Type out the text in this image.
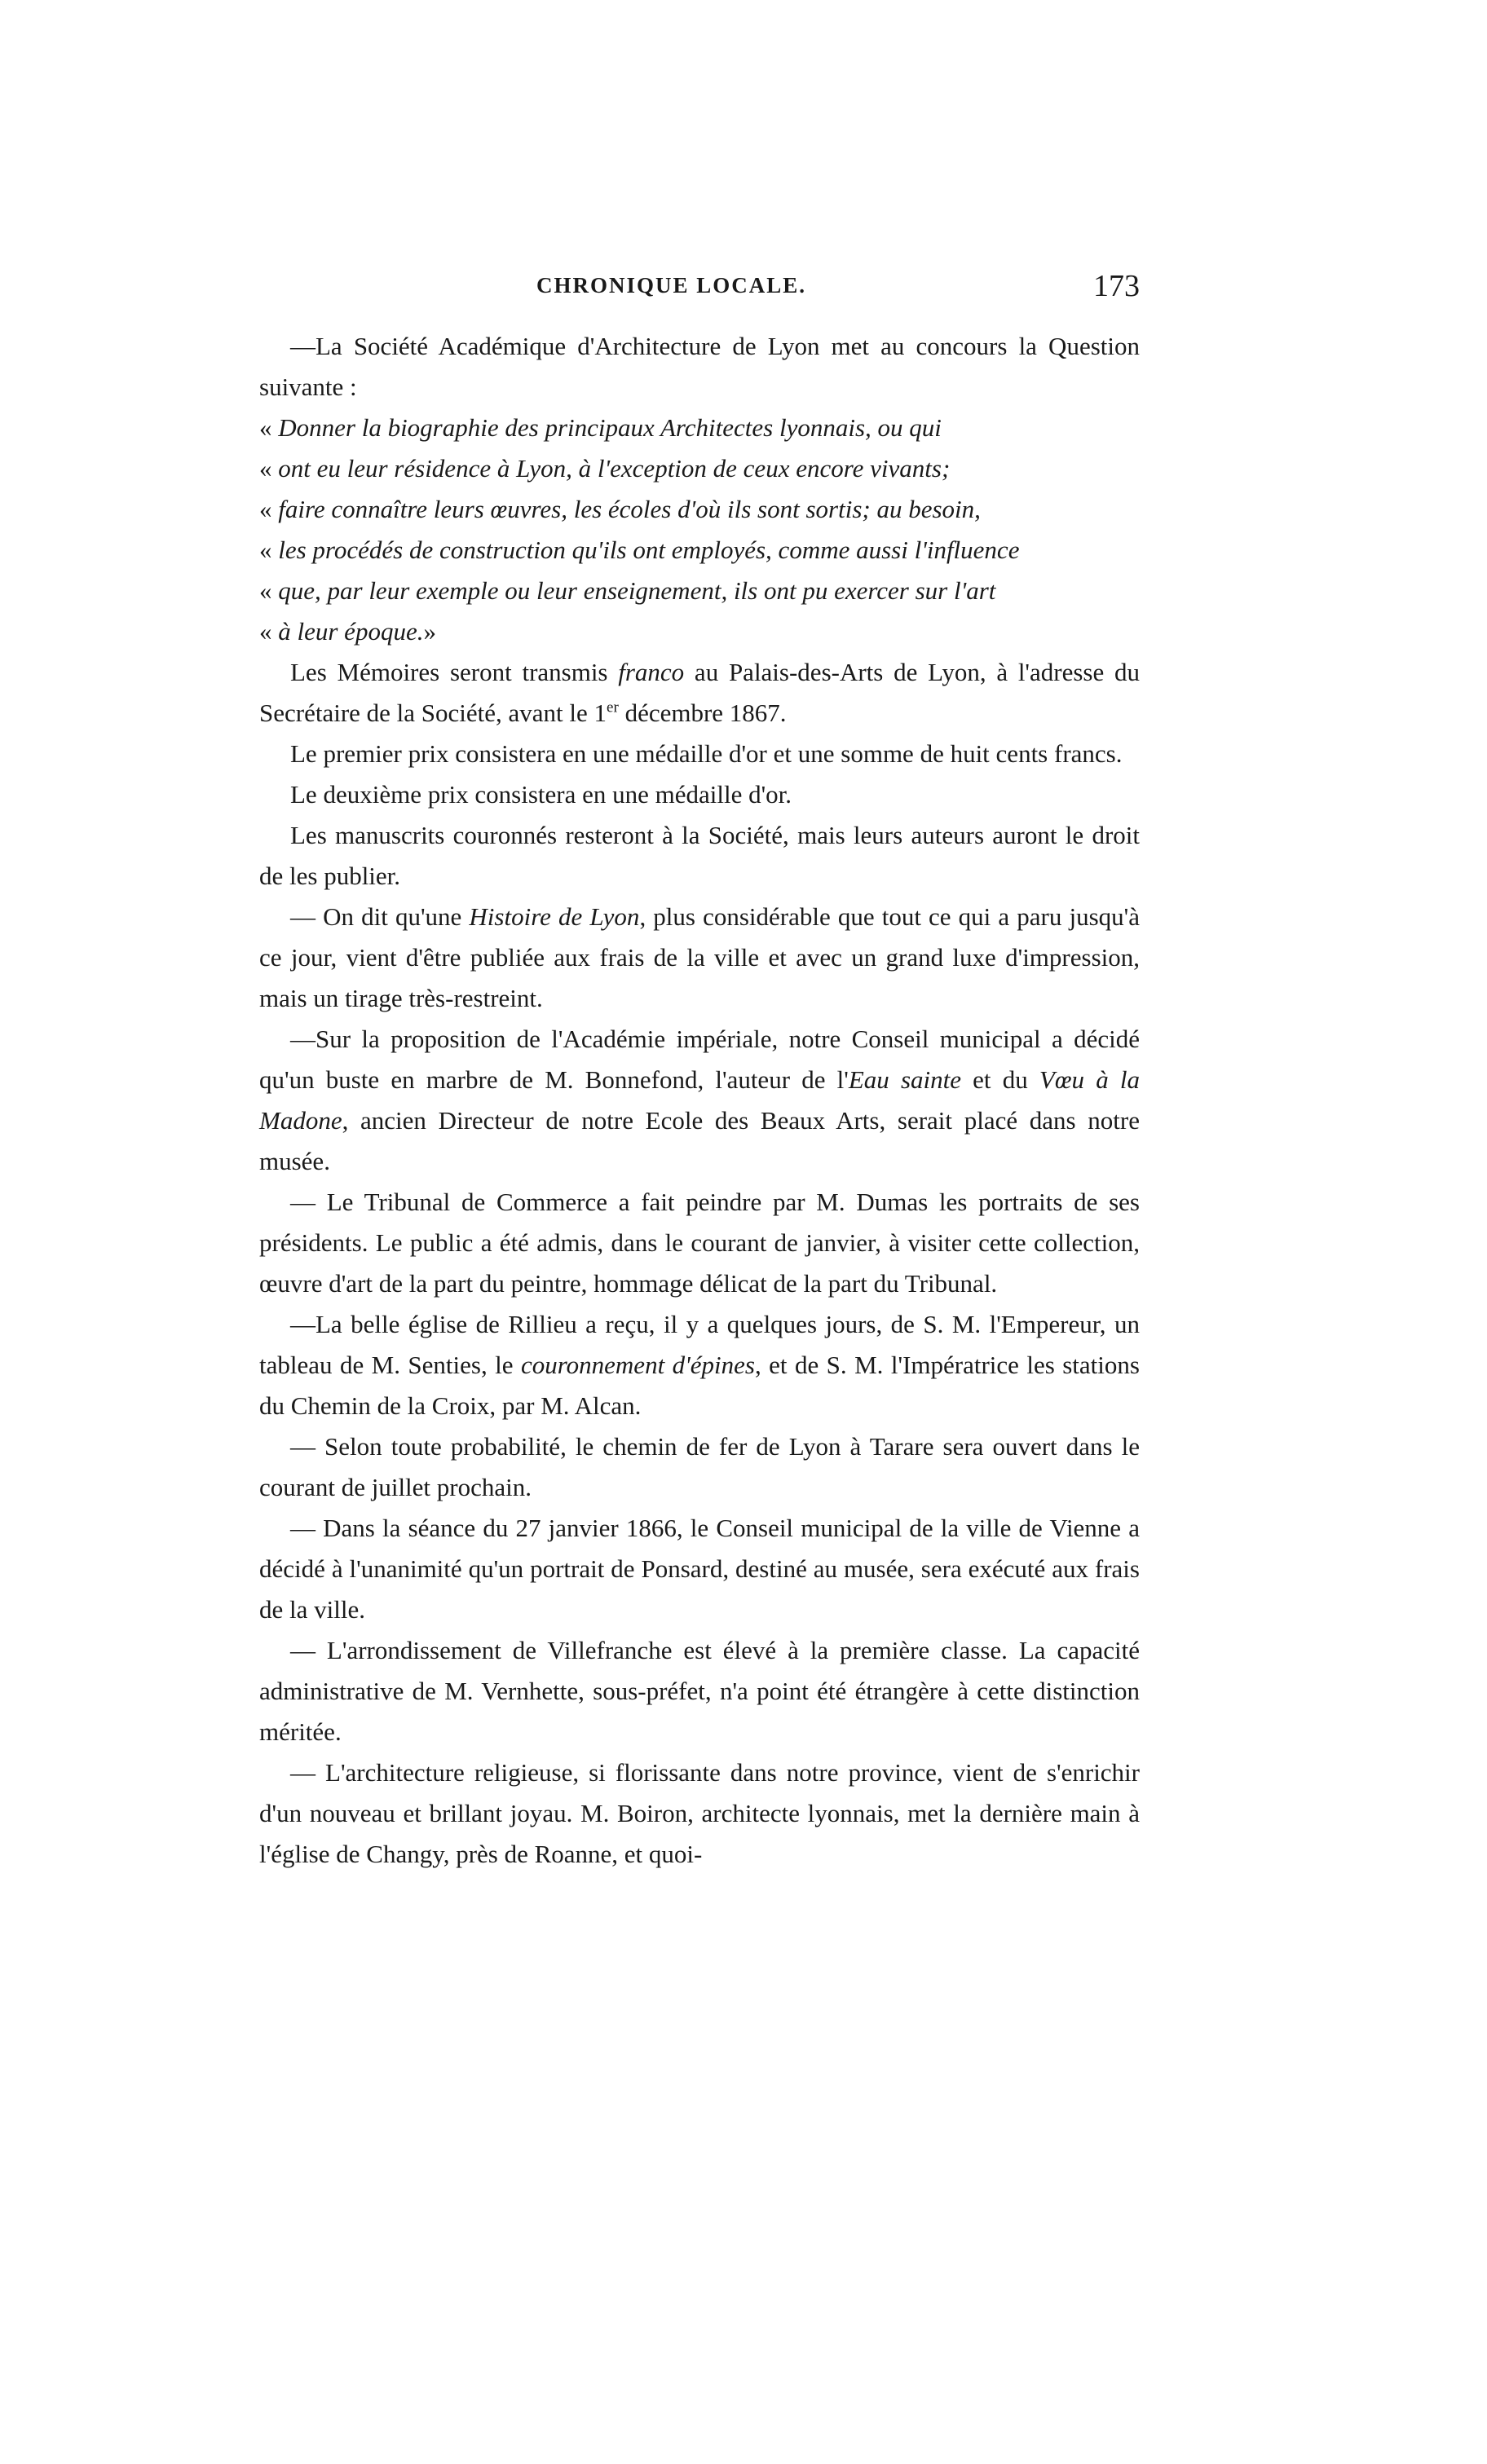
CHRONIQUE LOCALE.	173

—La Société Académique d'Architecture de Lyon met au concours la Question suivante :

« Donner la biographie des principaux Architectes lyonnais, ou qui

« ont eu leur résidence à Lyon, à l'exception de ceux encore vivants;

« faire connaître leurs œuvres, les écoles d'où ils sont sortis; au besoin,

« les procédés de construction qu'ils ont employés, comme aussi l'influence

« que, par leur exemple ou leur enseignement, ils ont pu exercer sur l'art

« à leur époque.»

Les Mémoires seront transmis franco au Palais-des-Arts de Lyon, à l'adresse du Secrétaire de la Société, avant le 1er décembre 1867.

Le premier prix consistera en une médaille d'or et une somme de huit cents francs.

Le deuxième prix consistera en une médaille d'or.

Les manuscrits couronnés resteront à la Société, mais leurs auteurs auront le droit de les publier.

— On dit qu'une Histoire de Lyon, plus considérable que tout ce qui a paru jusqu'à ce jour, vient d'être publiée aux frais de la ville et avec un grand luxe d'impression, mais un tirage très-restreint.

—Sur la proposition de l'Académie impériale, notre Conseil municipal a décidé qu'un buste en marbre de M. Bonnefond, l'auteur de l'Eau sainte et du Vœu à la Madone, ancien Directeur de notre Ecole des Beaux Arts, serait placé dans notre musée.

— Le Tribunal de Commerce a fait peindre par M. Dumas les portraits de ses présidents. Le public a été admis, dans le courant de janvier, à visiter cette collection, œuvre d'art de la part du peintre, hommage délicat de la part du Tribunal.

—La belle église de Rillieu a reçu, il y a quelques jours, de S. M. l'Empereur, un tableau de M. Senties, le couronnement d'épines, et de S. M. l'Impératrice les stations du Chemin de la Croix, par M. Alcan.

— Selon toute probabilité, le chemin de fer de Lyon à Tarare sera ouvert dans le courant de juillet prochain.

— Dans la séance du 27 janvier 1866, le Conseil municipal de la ville de Vienne a décidé à l'unanimité qu'un portrait de Ponsard, destiné au musée, sera exécuté aux frais de la ville.

— L'arrondissement de Villefranche est élevé à la première classe. La capacité administrative de M. Vernhette, sous-préfet, n'a point été étrangère à cette distinction méritée.

— L'architecture religieuse, si florissante dans notre province, vient de s'enrichir d'un nouveau et brillant joyau. M. Boiron, architecte lyonnais, met la dernière main à l'église de Changy, près de Roanne, et quoi-
